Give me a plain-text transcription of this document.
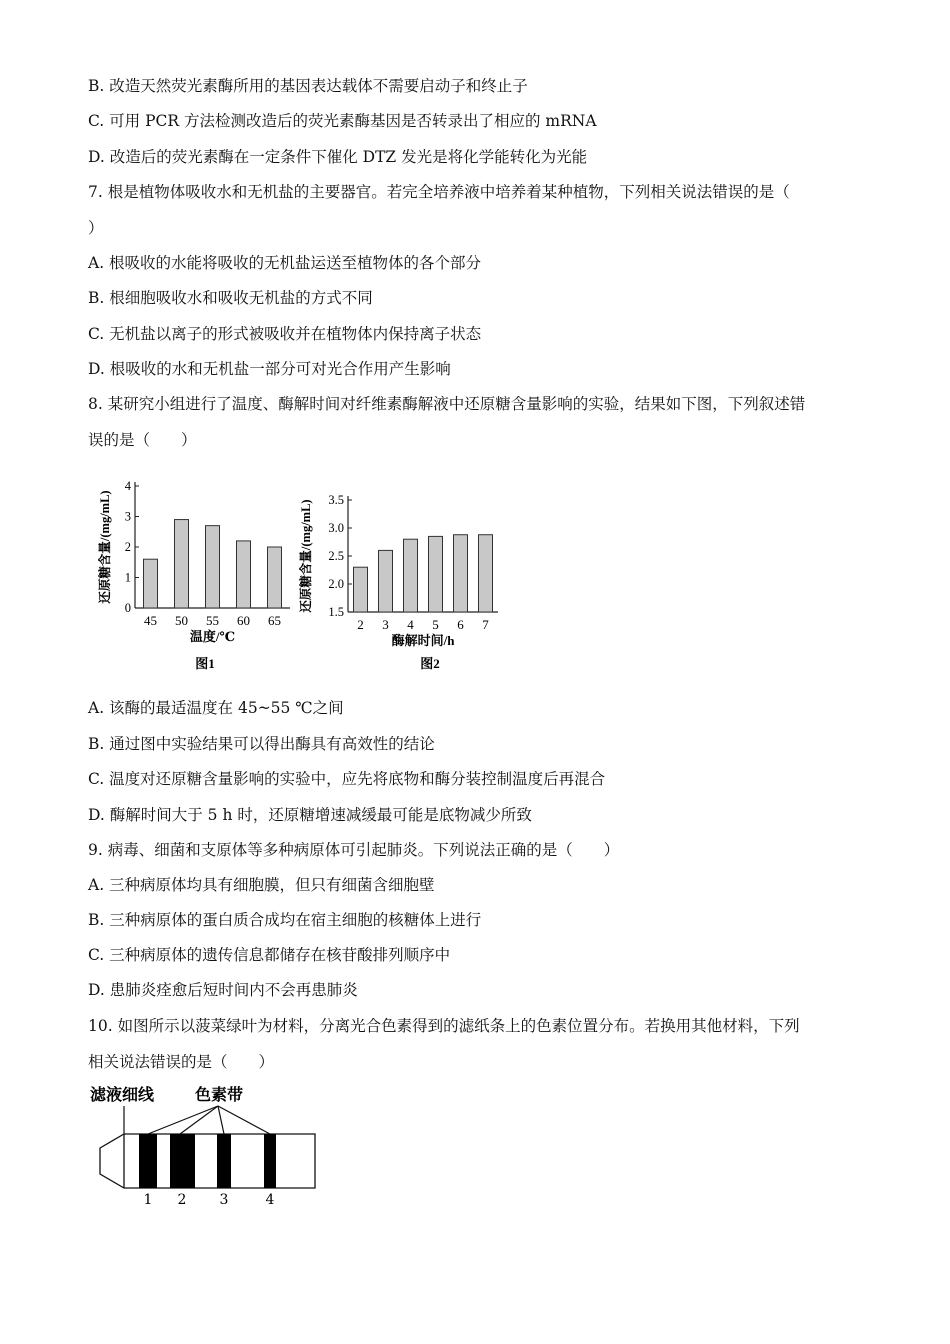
B. 改造天然荧光素酶所用的基因表达载体不需要启动子和终止子
C. 可用 PCR 方法检测改造后的荧光素酶基因是否转录出了相应的 mRNA
D. 改造后的荧光素酶在一定条件下催化 DTZ 发光是将化学能转化为光能
7. 根是植物体吸收水和无机盐的主要器官。若完全培养液中培养着某种植物，下列相关说法错误的是（
）
A. 根吸收的水能将吸收的无机盐运送至植物体的各个部分
B. 根细胞吸收水和吸收无机盐的方式不同
C. 无机盐以离子的形式被吸收并在植物体内保持离子状态
D. 根吸收的水和无机盐一部分可对光合作用产生影响
8. 某研究小组进行了温度、酶解时间对纤维素酶解液中还原糖含量影响的实验，结果如下图，下列叙述错
误的是（　　）
A. 该酶的最适温度在 45~55 ℃之间
B. 通过图中实验结果可以得出酶具有高效性的结论
C. 温度对还原糖含量影响的实验中，应先将底物和酶分装控制温度后再混合
D. 酶解时间大于 5 h 时，还原糖增速减缓最可能是底物减少所致
9. 病毒、细菌和支原体等多种病原体可引起肺炎。下列说法正确的是（　　）
A. 三种病原体均具有细胞膜，但只有细菌含细胞壁
B. 三种病原体的蛋白质合成均在宿主细胞的核糖体上进行
C. 三种病原体的遗传信息都储存在核苷酸排列顺序中
D. 患肺炎痊愈后短时间内不会再患肺炎
10. 如图所示以菠菜绿叶为材料，分离光合色素得到的滤纸条上的色素位置分布。若换用其他材料，下列
相关说法错误的是（　　）
0
1
2
3
4
45 50 55 60 65
温度/℃
还原糖含量/(mg/mL)
图1
1.5
2.0
2.5
3.0
3.5
2 3 4 5 6 7
酶解时间/h
还原糖含量/(mg/mL)
图2
滤液细线	色素带
1 2 3	4
